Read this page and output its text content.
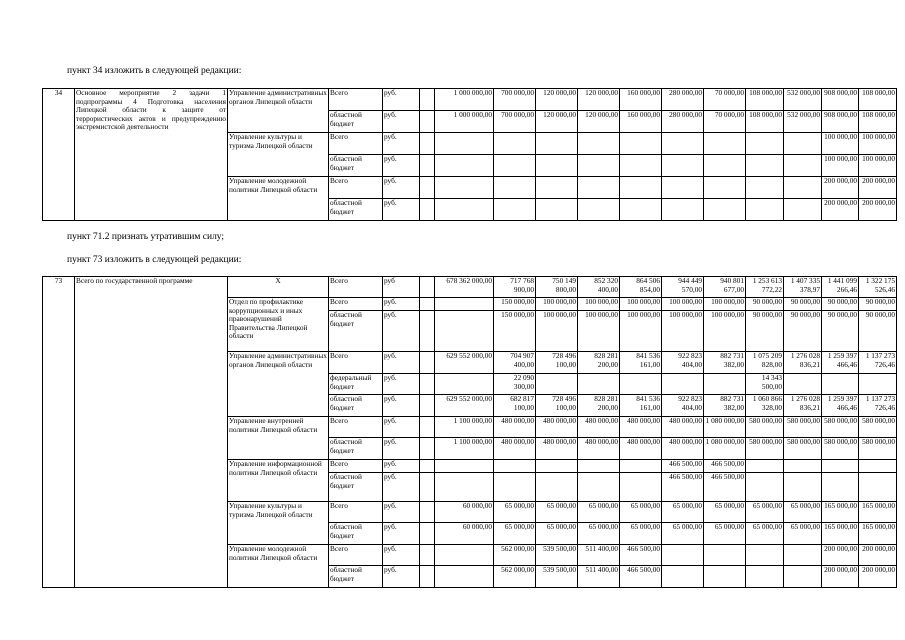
пункт 34 изложить в следующей редакции:
34	Основное мероприятие 2 задачи 1 подпрограммы 4 Подготовка населения Липецкой области к защите от террористических актов и предупреждению экстремистской деятельности	Управление административных органов Липецкой области	Всего	руб.		1 000 000,00	700 000,00	120 000,00	120 000,00	160 000,00	280 000,00	70 000,00	108 000,00	532 000,00	908 000,00	108 000,00
			областной бюджет	руб.		1 000 000,00	700 000,00	120 000,00	120 000,00	160 000,00	280 000,00	70 000,00	108 000,00	532 000,00	908 000,00	108 000,00
		Управление культуры и туризма Липецкой области	Всего	руб.											100 000,00	100 000,00
			областной бюджет	руб.											100 000,00	100 000,00
		Управление молодежной политики Липецкой области	Всего	руб.											200 000,00	200 000,00
			областной бюджет	руб.											200 000,00	200 000,00
пункт 71.2 признать утратившим силу;
пункт 73 изложить в следующей редакции:
73	Всего по государственной программе	X	Всего	руб		678 362 000,00	717 768 900,00	750 149 800,00	852 320 400,00	864 506 854,00	944 449 570,00	940 801 677,00	1 253 613 772,22	1 407 335 378,97	1 441 099 266,46	1 322 175 526,46
		Отдел по профилактике коррупционных и иных правонарушений Правительства Липецкой области	Всего	руб.			150 000,00	100 000,00	100 000,00	100 000,00	100 000,00	100 000,00	90 000,00	90 000,00	90 000,00	90 000,00
			областной бюджет	руб.			150 000,00	100 000,00	100 000,00	100 000,00	100 000,00	100 000,00	90 000,00	90 000,00	90 000,00	90 000,00
		Управление административных органов Липецкой области	Всего	руб.		629 552 000,00	704 907 400,00	728 496 100,00	828 281 200,00	841 536 161,00	922 823 404,00	882 731 382,00	1 075 209 828,00	1 276 028 836,21	1 259 397 466,46	1 137 273 726,46
			федеральный бюджет	руб.			22 090 300,00						14 343 500,00			
			областной бюджет	руб.		629 552 000,00	682 817 100,00	728 496 100,00	828 281 200,00	841 536 161,00	922 823 404,00	882 731 382,00	1 060 866 328,00	1 276 028 836,21	1 259 397 466,46	1 137 273 726,46
		Управление внутренней политики Липецкой области	Всего	руб.		1 100 000,00	480 000,00	480 000,00	480 000,00	480 000,00	480 000,00	1 080 000,00	580 000,00	580 000,00	580 000,00	580 000,00
			областной бюджет	руб.		1 100 000,00	480 000,00	480 000,00	480 000,00	480 000,00	480 000,00	1 080 000,00	580 000,00	580 000,00	580 000,00	580 000,00
		Управление информационной политики Липецкой области	Всего	руб.							466 500,00	466 500,00				
			областной бюджет	руб.							466 500,00	466 500,00				
		Управление культуры и туризма Липецкой области	Всего	руб.		60 000,00	65 000,00	65 000,00	65 000,00	65 000,00	65 000,00	65 000,00	65 000,00	65 000,00	165 000,00	165 000,00
			областной бюджет	руб.		60 000,00	65 000,00	65 000,00	65 000,00	65 000,00	65 000,00	65 000,00	65 000,00	65 000,00	165 000,00	165 000,00
		Управление молодежной политики Липецкой области	Всего	руб.			562 000,00	539 500,00	511 400,00	466 500,00					200 000,00	200 000,00
			областной бюджет	руб.			562 000,00	539 500,00	511 400,00	466 500,00					200 000,00	200 000,00
